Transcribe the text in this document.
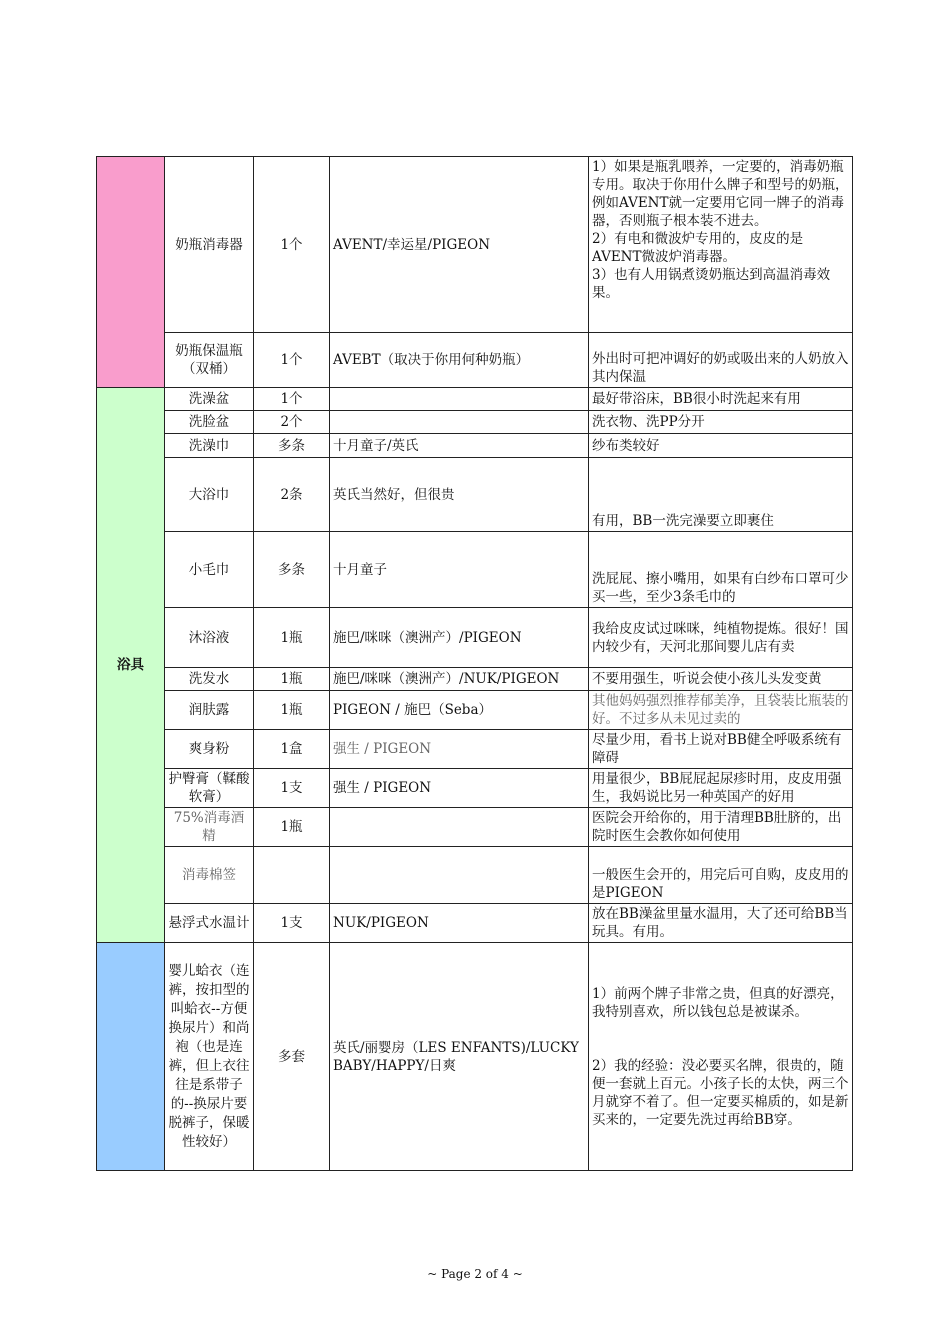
	奶瓶消毒器	1个	AVENT/幸运星/PIGEON	1）如果是瓶乳喂养，一定要的，消毒奶瓶专用。取决于你用什么牌子和型号的奶瓶，例如AVENT就一定要用它同一牌子的消毒器，否则瓶子根本装不进去。
2）有电和微波炉专用的，皮皮的是AVENT微波炉消毒器。
3）也有人用锅煮烫奶瓶达到高温消毒效果。

	奶瓶保温瓶（双桶）	1个	AVEBT（取决于你用何种奶瓶）	外出时可把冲调好的奶或吸出来的人奶放入其内保温
浴具	洗澡盆	1个		最好带浴床，BB很小时洗起来有用
	洗脸盆	2个		洗衣物、洗PP分开
	洗澡巾	多条	十月童子/英氏	纱布类较好
	大浴巾	2条	英氏当然好，但很贵	有用，BB一洗完澡要立即裹住
	小毛巾	多条	十月童子	洗屁屁、擦小嘴用，如果有白纱布口罩可少买一些，至少3条毛巾的
	沐浴液	1瓶	施巴/咪咪（澳洲产）/PIGEON	我给皮皮试过咪咪，纯植物提炼。很好！国内较少有，天河北那间婴儿店有卖
	洗发水	1瓶	施巴/咪咪（澳洲产）/NUK/PIGEON	不要用强生，听说会使小孩儿头发变黄
	润肤露	1瓶	PIGEON / 施巴（Seba）	其他妈妈强烈推荐郁美净，且袋装比瓶装的好。不过多从未见过卖的
	爽身粉	1盒	强生 / PIGEON	尽量少用，看书上说对BB健全呼吸系统有障碍
	护臀膏（鞣酸软膏）	1支	强生 / PIGEON	用量很少，BB屁屁起尿疹时用，皮皮用强生，我妈说比另一种英国产的好用
	75%消毒酒精	1瓶		医院会开给你的，用于清理BB肚脐的，出院时医生会教你如何使用
	消毒棉签			一般医生会开的，用完后可自购，皮皮用的是PIGEON
	悬浮式水温计	1支	NUK/PIGEON	放在BB澡盆里量水温用，大了还可给BB当玩具。有用。
	婴儿蛤衣（连裤，按扣型的叫蛤衣--方便换尿片）和尚袍（也是连裤，但上衣往往是系带子的--换尿片要脱裤子，保暖性较好）	多套	英氏/丽婴房（LES ENFANTS)/LUCKY BABY/HAPPY/日爽	1）前两个牌子非常之贵，但真的好漂亮，我特别喜欢，所以钱包总是被谋杀。
2）我的经验：没必要买名牌，很贵的，随便一套就上百元。小孩子长的太快，两三个月就穿不着了。但一定要买棉质的，如是新买来的，一定要先洗过再给BB穿。
~ Page 2 of 4 ~
